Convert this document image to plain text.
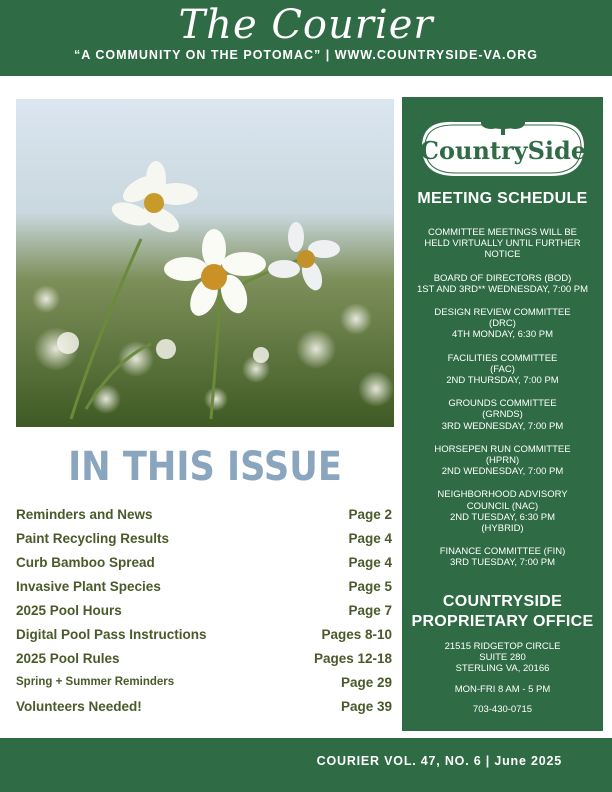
The Courier
“A COMMUNITY ON THE POTOMAC” | WWW.COUNTRYSIDE-VA.ORG
IN THIS ISSUE
Reminders and News	Page 2
Paint Recycling Results	Page 4
Curb Bamboo Spread	Page 4
Invasive Plant Species	Page 5
2025 Pool Hours	Page 7
Digital Pool Pass Instructions	Pages 8-10
2025 Pool Rules	Pages 12-18
Spring + Summer Reminders	Page 29
Volunteers Needed!	Page 39
CountrySide
MEETING SCHEDULE

COMMITTEE MEETINGS WILL BE
HELD VIRTUALLY UNTIL FURTHER
NOTICE

BOARD OF DIRECTORS (BOD)
1ST AND 3RD** WEDNESDAY, 7:00 PM

DESIGN REVIEW COMMITTEE
(DRC)
4TH MONDAY, 6:30 PM

FACILITIES COMMITTEE
(FAC)
2ND THURSDAY, 7:00 PM

GROUNDS COMMITTEE
(GRNDS)
3RD WEDNESDAY, 7:00 PM

HORSEPEN RUN COMMITTEE
(HPRN)
2ND WEDNESDAY, 7:00 PM

NEIGHBORHOOD ADVISORY
COUNCIL (NAC)
2ND TUESDAY, 6:30 PM
(HYBRID)

FINANCE COMMITTEE (FIN)
3RD TUESDAY, 7:00 PM

COUNTRYSIDE
PROPRIETARY OFFICE

21515 RIDGETOP CIRCLE
SUITE 280
STERLING VA, 20166

MON-FRI 8 AM - 5 PM

703-430-0715

COURIER VOL. 47, NO. 6 | June 2025
